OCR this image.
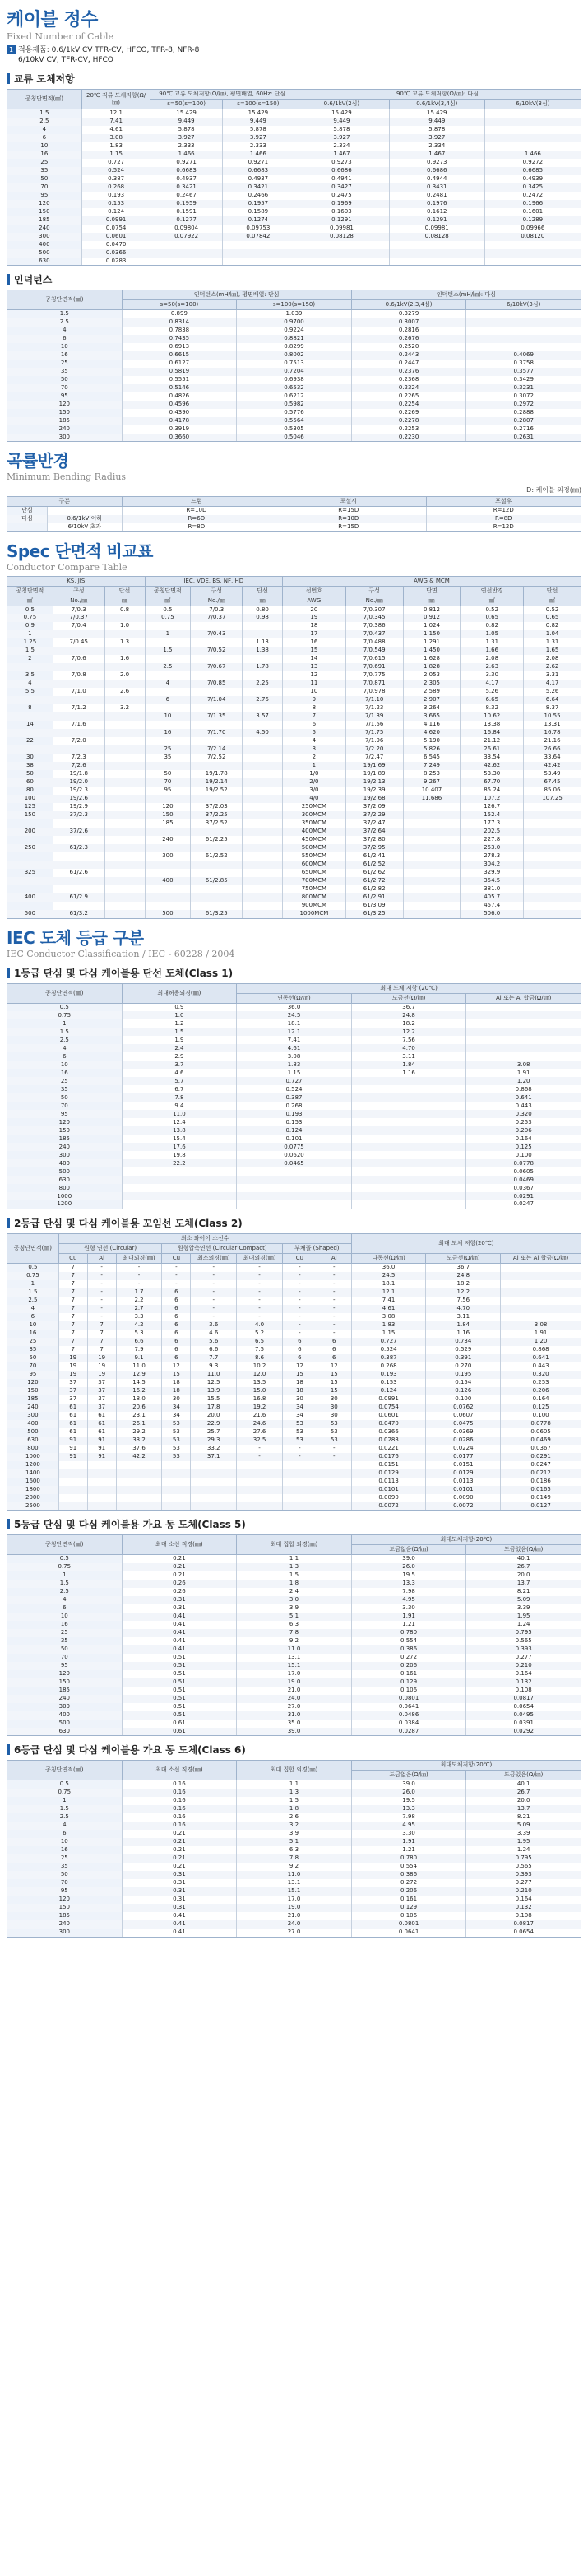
케이블 정수
Fixed Number of Cable
1 적용제품: 0.6/1kV CV TFR-CV, HFCO, TFR-8, NFR-8
6/10kV CV, TFR-CV, HFCO
교류 도체저항
공칭단면적(㎟)	20℃ 직류 도체저항(Ω/㎞)	90℃ 교류 도체저항(Ω/㎞), 평면배열, 60Hz: 단심		90℃ 교류 도체저항(Ω/㎞): 다심		
		s=50(s=100)	s=100(s=150)	0.6/1kV(2심)	0.6/1kV(3,4심)	6/10kV(3심)
1.5	12.1	15.429	15.429	15.429	15.429	
2.5	7.41	9.449	9.449	9.449	9.449	
4	4.61	5.878	5.878	5.878	5.878	
6	3.08	3.927	3.927	3.927	3.927	
10	1.83	2.333	2.333	2.334	2.334	
16	1.15	1.466	1.466	1.467	1.467	1.466
25	0.727	0.9271	0.9271	0.9273	0.9273	0.9272
35	0.524	0.6683	0.6683	0.6686	0.6686	0.6685
50	0.387	0.4937	0.4937	0.4941	0.4944	0.4939
70	0.268	0.3421	0.3421	0.3427	0.3431	0.3425
95	0.193	0.2467	0.2466	0.2475	0.2481	0.2472
120	0.153	0.1959	0.1957	0.1969	0.1976	0.1966
150	0.124	0.1591	0.1589	0.1603	0.1612	0.1601
185	0.0991	0.1277	0.1274	0.1291	0.1291	0.1289
240	0.0754	0.09804	0.09753	0.09981	0.09981	0.09966
300	0.0601	0.07922	0.07842	0.08128	0.08128	0.08120
400	0.0470					
500	0.0366					
630	0.0283					
인덕턴스
공칭단면적(㎟)	인덕턴스(mH/㎞), 평면배열: 단심		인덕턴스(mH/㎞): 다심	
	s=50(s=100)	s=100(s=150)	0.6/1kV(2,3,4심)	6/10kV(3심)
1.5	0.899	1.039	0.3279	
2.5	0.8314	0.9700	0.3007	
4	0.7838	0.9224	0.2816	
6	0.7435	0.8821	0.2676	
10	0.6913	0.8299	0.2520	
16	0.6615	0.8002	0.2443	0.4069
25	0.6127	0.7513	0.2447	0.3758
35	0.5819	0.7204	0.2376	0.3577
50	0.5551	0.6938	0.2368	0.3429
70	0.5146	0.6532	0.2324	0.3231
95	0.4826	0.6212	0.2265	0.3072
120	0.4596	0.5982	0.2254	0.2972
150	0.4390	0.5776	0.2269	0.2888
185	0.4178	0.5564	0.2278	0.2807
240	0.3919	0.5305	0.2253	0.2716
300	0.3660	0.5046	0.2230	0.2631
곡률반경
Minimum Bending Radius
D: 케이블 외경(㎜)
구분		드럼	포설시	포설후
단심		R=10D	R=15D	R=12D
다심	0.6/1kV 이하	R=6D	R=10D	R=8D
	6/10kV 초과	R=8D	R=15D	R=12D
Spec 단면적 비교표
Conductor Compare Table
KS, JIS			IEC, VDE, BS, NF, HD			AWG & MCM				
공칭단면적	구성	단선	공칭단면적	구성	단선	선번호	구성	단면	연선반경	단선
㎟	No./㎜	㎜	㎟	No./㎜	㎜	AWG	No./㎜	㎜	㎟	㎟
0.5	7/0.3	0.8	0.5	7/0.3	0.80	20	7/0.307	0.812	0.52	0.52
0.75	7/0.37		0.75	7/0.37	0.98	19	7/0.345	0.912	0.65	0.65
0.9	7/0.4	1.0				18	7/0.386	1.024	0.82	0.82
1			1	7/0.43		17	7/0.437	1.150	1.05	1.04
1.25	7/0.45	1.3			1.13	16	7/0.488	1.291	1.31	1.31
1.5			1.5	7/0.52	1.38	15	7/0.549	1.450	1.66	1.65
2	7/0.6	1.6				14	7/0.615	1.628	2.08	2.08
			2.5	7/0.67	1.78	13	7/0.691	1.828	2.63	2.62
3.5	7/0.8	2.0				12	7/0.775	2.053	3.30	3.31
4			4	7/0.85	2.25	11	7/0.871	2.305	4.17	4.17
5.5	7/1.0	2.6				10	7/0.978	2.589	5.26	5.26
			6	7/1.04	2.76	9	7/1.10	2.907	6.65	6.64
8	7/1.2	3.2				8	7/1.23	3.264	8.32	8.37
			10	7/1.35	3.57	7	7/1.39	3.665	10.62	10.55
14	7/1.6					6	7/1.56	4.116	13.38	13.31
			16	7/1.70	4.50	5	7/1.75	4.620	16.84	16.78
22	7/2.0					4	7/1.96	5.190	21.12	21.16
			25	7/2.14		3	7/2.20	5.826	26.61	26.66
30	7/2.3		35	7/2.52		2	7/2.47	6.545	33.54	33.64
38	7/2.6					1	19/1.69	7.249	42.62	42.42
50	19/1.8		50	19/1.78		1/0	19/1.89	8.253	53.30	53.49
60	19/2.0		70	19/2.14		2/0	19/2.13	9.267	67.70	67.45
80	19/2.3		95	19/2.52		3/0	19/2.39	10.407	85.24	85.06
100	19/2.6					4/0	19/2.68	11.686	107.2	107.25
125	19/2.9		120	37/2.03		250MCM	37/2.09		126.7	
150	37/2.3		150	37/2.25		300MCM	37/2.29		152.4	
			185	37/2.52		350MCM	37/2.47		177.3	
200	37/2.6					400MCM	37/2.64		202.5	
			240	61/2.25		450MCM	37/2.80		227.8	
250	61/2.3					500MCM	37/2.95		253.0	
			300	61/2.52		550MCM	61/2.41		278.3	
						600MCM	61/2.52		304.2	
325	61/2.6					650MCM	61/2.62		329.9	
			400	61/2.85		700MCM	61/2.72		354.5	
						750MCM	61/2.82		381.0	
400	61/2.9					800MCM	61/2.91		405.7	
						900MCM	61/3.09		457.4	
500	61/3.2		500	61/3.25		1000MCM	61/3.25		506.0	
IEC 도체 등급 구분
IEC Conductor Classification / IEC - 60228 / 2004
1등급 단심 및 다심 케이블용 단선 도체(Class 1)
공칭단면적(㎟)	최대허용외경(㎜)	최대 도체 저항 (20℃)		
		연동선(Ω/㎞)	도금선(Ω/㎞)	Al 또는 Al 합금(Ω/㎞)
0.5	0.9	36.0	36.7	
0.75	1.0	24.5	24.8	
1	1.2	18.1	18.2	
1.5	1.5	12.1	12.2	
2.5	1.9	7.41	7.56	
4	2.4	4.61	4.70	
6	2.9	3.08	3.11	
10	3.7	1.83	1.84	3.08
16	4.6	1.15	1.16	1.91
25	5.7	0.727		1.20
35	6.7	0.524		0.868
50	7.8	0.387		0.641
70	9.4	0.268		0.443
95	11.0	0.193		0.320
120	12.4	0.153		0.253
150	13.8	0.124		0.206
185	15.4	0.101		0.164
240	17.6	0.0775		0.125
300	19.8	0.0620		0.100
400	22.2	0.0465		0.0778
500				0.0605
630				0.0469
800				0.0367
1000				0.0291
1200				0.0247
2등급 단심 및 다심 케이블용 꼬임선 도체(Class 2)
공칭단면적(㎟)	최소 와이어 소선수								최대 도체 저항(20℃)		
	원형 연선 (Circular)			원형압축연선 (Circular Compact)			부채꼴 (Shaped)				
	Cu	Al	최대외경(㎜)	Cu	최소외경(㎜)	최대외경(㎜)	Cu	Al	나동선(Ω/㎞)	도금선(Ω/㎞)	Al 또는 Al 합금(Ω/㎞)
0.5	7	-	-	-	-	-	-	-	36.0	36.7	
0.75	7	-	-	-	-	-	-	-	24.5	24.8	
1	7	-	-	-	-	-	-	-	18.1	18.2	
1.5	7	-	1.7	6	-	-	-	-	12.1	12.2	
2.5	7	-	2.2	6	-	-	-	-	7.41	7.56	
4	7	-	2.7	6	-	-	-	-	4.61	4.70	
6	7	-	3.3	6	-	-	-	-	3.08	3.11	
10	7	7	4.2	6	3.6	4.0	-	-	1.83	1.84	3.08
16	7	7	5.3	6	4.6	5.2	-	-	1.15	1.16	1.91
25	7	7	6.6	6	5.6	6.5	6	6	0.727	0.734	1.20
35	7	7	7.9	6	6.6	7.5	6	6	0.524	0.529	0.868
50	19	19	9.1	6	7.7	8.6	6	6	0.387	0.391	0.641
70	19	19	11.0	12	9.3	10.2	12	12	0.268	0.270	0.443
95	19	19	12.9	15	11.0	12.0	15	15	0.193	0.195	0.320
120	37	37	14.5	18	12.5	13.5	18	15	0.153	0.154	0.253
150	37	37	16.2	18	13.9	15.0	18	15	0.124	0.126	0.206
185	37	37	18.0	30	15.5	16.8	30	30	0.0991	0.100	0.164
240	61	37	20.6	34	17.8	19.2	34	30	0.0754	0.0762	0.125
300	61	61	23.1	34	20.0	21.6	34	30	0.0601	0.0607	0.100
400	61	61	26.1	53	22.9	24.6	53	53	0.0470	0.0475	0.0778
500	61	61	29.2	53	25.7	27.6	53	53	0.0366	0.0369	0.0605
630	91	91	33.2	53	29.3	32.5	53	53	0.0283	0.0286	0.0469
800	91	91	37.6	53	33.2	-	-	-	0.0221	0.0224	0.0367
1000	91	91	42.2	53	37.1	-	-	-	0.0176	0.0177	0.0291
1200									0.0151	0.0151	0.0247
1400									0.0129	0.0129	0.0212
1600									0.0113	0.0113	0.0186
1800									0.0101	0.0101	0.0165
2000									0.0090	0.0090	0.0149
2500									0.0072	0.0072	0.0127
5등급 단심 및 다심 케이블용 가요 동 도체(Class 5)
공칭단면적(㎟)	최대 소선 직경(㎜)	최대 집합 외경(㎜)	최대도체저항(20℃)	
			도금없음(Ω/㎞)	도금있음(Ω/㎞)
0.5	0.21	1.1	39.0	40.1
0.75	0.21	1.3	26.0	26.7
1	0.21	1.5	19.5	20.0
1.5	0.26	1.8	13.3	13.7
2.5	0.26	2.4	7.98	8.21
4	0.31	3.0	4.95	5.09
6	0.31	3.9	3.30	3.39
10	0.41	5.1	1.91	1.95
16	0.41	6.3	1.21	1.24
25	0.41	7.8	0.780	0.795
35	0.41	9.2	0.554	0.565
50	0.41	11.0	0.386	0.393
70	0.51	13.1	0.272	0.277
95	0.51	15.1	0.206	0.210
120	0.51	17.0	0.161	0.164
150	0.51	19.0	0.129	0.132
185	0.51	21.0	0.106	0.108
240	0.51	24.0	0.0801	0.0817
300	0.51	27.0	0.0641	0.0654
400	0.51	31.0	0.0486	0.0495
500	0.61	35.0	0.0384	0.0391
630	0.61	39.0	0.0287	0.0292
6등급 단심 및 다심 케이블용 가요 동 도체(Class 6)
공칭단면적(㎟)	최대 소선 직경(㎜)	최대 집합 외경(㎜)	최대도체저항(20℃)	
			도금없음(Ω/㎞)	도금있음(Ω/㎞)
0.5	0.16	1.1	39.0	40.1
0.75	0.16	1.3	26.0	26.7
1	0.16	1.5	19.5	20.0
1.5	0.16	1.8	13.3	13.7
2.5	0.16	2.6	7.98	8.21
4	0.16	3.2	4.95	5.09
6	0.21	3.9	3.30	3.39
10	0.21	5.1	1.91	1.95
16	0.21	6.3	1.21	1.24
25	0.21	7.8	0.780	0.795
35	0.21	9.2	0.554	0.565
50	0.31	11.0	0.386	0.393
70	0.31	13.1	0.272	0.277
95	0.31	15.1	0.206	0.210
120	0.31	17.0	0.161	0.164
150	0.31	19.0	0.129	0.132
185	0.41	21.0	0.106	0.108
240	0.41	24.0	0.0801	0.0817
300	0.41	27.0	0.0641	0.0654
